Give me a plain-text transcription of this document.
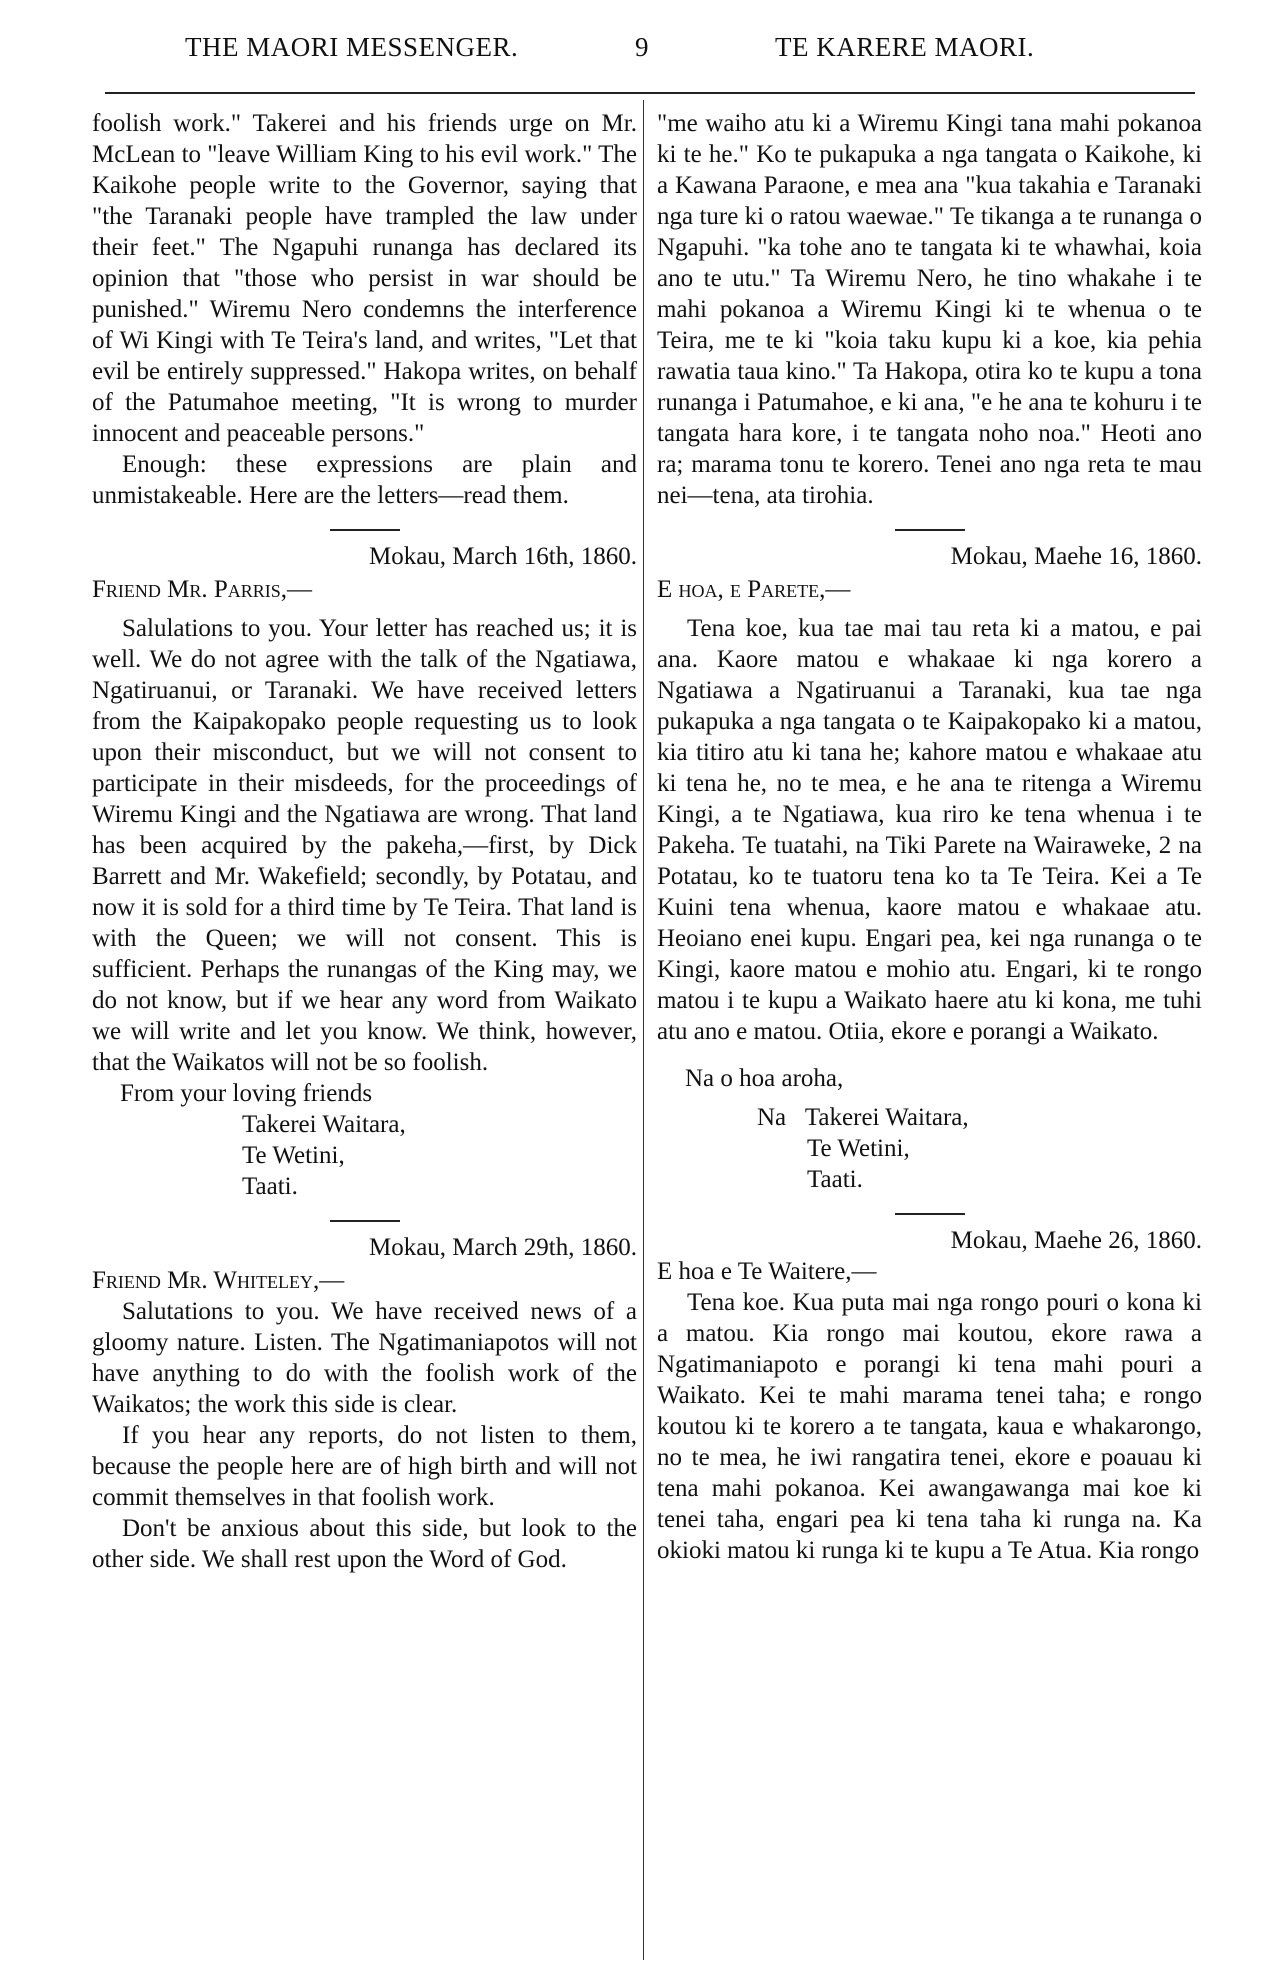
THE MAORI MESSENGER.	9	TE KARERE MAORI.

foolish work." Takerei and his friends urge on Mr. McLean to "leave William King to his evil work." The Kaikohe people write to the Governor, saying that "the Taranaki people have trampled the law under their feet." The Ngapuhi runanga has declared its opinion that "those who persist in war should be punished." Wiremu Nero condemns the interference of Wi Kingi with Te Teira's land, and writes, "Let that evil be entirely suppressed." Hakopa writes, on behalf of the Patumahoe meeting, "It is wrong to murder innocent and peaceable persons."

Enough: these expressions are plain and unmistakeable. Here are the letters—read them.

Mokau, March 16th, 1860.

Friend Mr. Parris,—

Salulations to you. Your letter has reached us; it is well. We do not agree with the talk of the Ngatiawa, Ngatiruanui, or Taranaki. We have received letters from the Kaipakopako people requesting us to look upon their misconduct, but we will not consent to participate in their misdeeds, for the proceedings of Wiremu Kingi and the Ngatiawa are wrong. That land has been acquired by the pakeha,—first, by Dick Barrett and Mr. Wakefield; secondly, by Potatau, and now it is sold for a third time by Te Teira. That land is with the Queen; we will not consent. This is sufficient. Perhaps the runangas of the King may, we do not know, but if we hear any word from Waikato we will write and let you know. We think, however, that the Waikatos will not be so foolish.

From your loving friends

Takerei Waitara,

Te Wetini,

Taati.

Mokau, March 29th, 1860.

Friend Mr. Whiteley,—

Salutations to you. We have received news of a gloomy nature. Listen. The Ngatimaniapotos will not have anything to do with the foolish work of the Waikatos; the work this side is clear.

If you hear any reports, do not listen to them, because the people here are of high birth and will not commit themselves in that foolish work.

Don't be anxious about this side, but look to the other side. We shall rest upon the Word of God.

"me waiho atu ki a Wiremu Kingi tana mahi pokanoa ki te he." Ko te pukapuka a nga tangata o Kaikohe, ki a Kawana Paraone, e mea ana "kua takahia e Taranaki nga ture ki o ratou waewae." Te tikanga a te runanga o Ngapuhi. "ka tohe ano te tangata ki te whawhai, koia ano te utu." Ta Wiremu Nero, he tino whakahe i te mahi pokanoa a Wiremu Kingi ki te whenua o te Teira, me te ki "koia taku kupu ki a koe, kia pehia rawatia taua kino." Ta Hakopa, otira ko te kupu a tona runanga i Patumahoe, e ki ana, "e he ana te kohuru i te tangata hara kore, i te tangata noho noa." Heoti ano ra; marama tonu te korero. Tenei ano nga reta te mau nei—tena, ata tirohia.

Mokau, Maehe 16, 1860.

E hoa, e Parete,—

Tena koe, kua tae mai tau reta ki a matou, e pai ana. Kaore matou e whakaae ki nga korero a Ngatiawa a Ngatiruanui a Taranaki, kua tae nga pukapuka a nga tangata o te Kaipakopako ki a matou, kia titiro atu ki tana he; kahore matou e whakaae atu ki tena he, no te mea, e he ana te ritenga a Wiremu Kingi, a te Ngatiawa, kua riro ke tena whenua i te Pakeha. Te tuatahi, na Tiki Parete na Wairaweke, 2 na Potatau, ko te tuatoru tena ko ta Te Teira. Kei a Te Kuini tena whenua, kaore matou e whakaae atu. Heoiano enei kupu. Engari pea, kei nga runanga o te Kingi, kaore matou e mohio atu. Engari, ki te rongo matou i te kupu a Waikato haere atu ki kona, me tuhi atu ano e matou. Otiia, ekore e porangi a Waikato.

Na o hoa aroha,

Na Takerei Waitara,

Te Wetini,

Taati.

Mokau, Maehe 26, 1860.

E hoa e Te Waitere,—

Tena koe. Kua puta mai nga rongo pouri o kona ki a matou. Kia rongo mai koutou, ekore rawa a Ngatimaniapoto e porangi ki tena mahi pouri a Waikato. Kei te mahi marama tenei taha; e rongo koutou ki te korero a te tangata, kaua e whakarongo, no te mea, he iwi rangatira tenei, ekore e poauau ki tena mahi pokanoa. Kei awangawanga mai koe ki tenei taha, engari pea ki tena taha ki runga na. Ka okioki matou ki runga ki te kupu a Te Atua. Kia rongo
